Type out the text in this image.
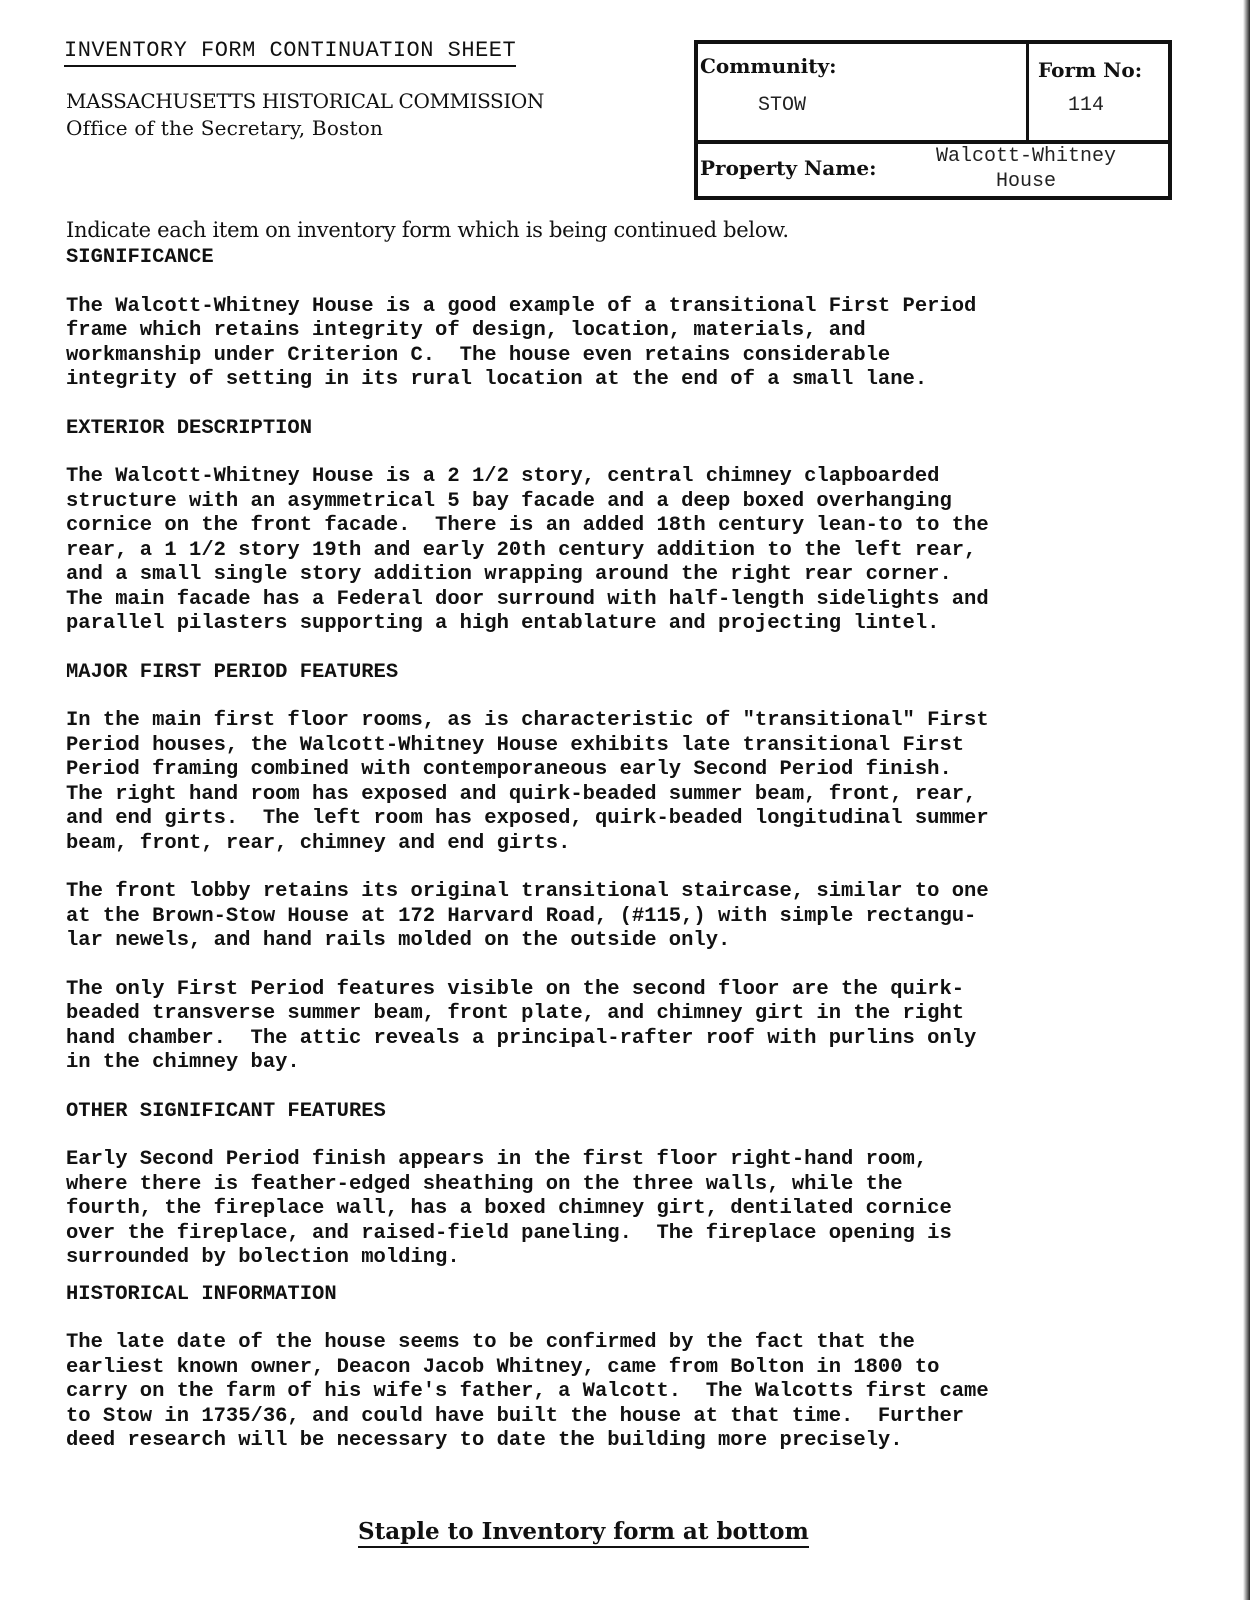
INVENTORY FORM CONTINUATION SHEET
MASSACHUSETTS HISTORICAL COMMISSION
Office of the Secretary, Boston
Community:
STOW
Form No:
114
Property Name:	Walcott-Whitney
House
Indicate each item on inventory form which is being continued below.
SIGNIFICANCE

The Walcott-Whitney House is a good example of a transitional First Period
frame which retains integrity of design, location, materials, and
workmanship under Criterion C.  The house even retains considerable
integrity of setting in its rural location at the end of a small lane.

EXTERIOR DESCRIPTION

The Walcott-Whitney House is a 2 1/2 story, central chimney clapboarded
structure with an asymmetrical 5 bay facade and a deep boxed overhanging
cornice on the front facade.  There is an added 18th century lean-to to the
rear, a 1 1/2 story 19th and early 20th century addition to the left rear,
and a small single story addition wrapping around the right rear corner.
The main facade has a Federal door surround with half-length sidelights and
parallel pilasters supporting a high entablature and projecting lintel.

MAJOR FIRST PERIOD FEATURES

In the main first floor rooms, as is characteristic of "transitional" First
Period houses, the Walcott-Whitney House exhibits late transitional First
Period framing combined with contemporaneous early Second Period finish.
The right hand room has exposed and quirk-beaded summer beam, front, rear,
and end girts.  The left room has exposed, quirk-beaded longitudinal summer
beam, front, rear, chimney and end girts.

The front lobby retains its original transitional staircase, similar to one
at the Brown-Stow House at 172 Harvard Road, (#115,) with simple rectangu-
lar newels, and hand rails molded on the outside only.

The only First Period features visible on the second floor are the quirk-
beaded transverse summer beam, front plate, and chimney girt in the right
hand chamber.  The attic reveals a principal-rafter roof with purlins only
in the chimney bay.

OTHER SIGNIFICANT FEATURES

Early Second Period finish appears in the first floor right-hand room,
where there is feather-edged sheathing on the three walls, while the
fourth, the fireplace wall, has a boxed chimney girt, dentilated cornice
over the fireplace, and raised-field paneling.  The fireplace opening is
surrounded by bolection molding.

HISTORICAL INFORMATION

The late date of the house seems to be confirmed by the fact that the
earliest known owner, Deacon Jacob Whitney, came from Bolton in 1800 to
carry on the farm of his wife's father, a Walcott.  The Walcotts first came
to Stow in 1735/36, and could have built the house at that time.  Further
deed research will be necessary to date the building more precisely.

Staple to Inventory form at bottom
